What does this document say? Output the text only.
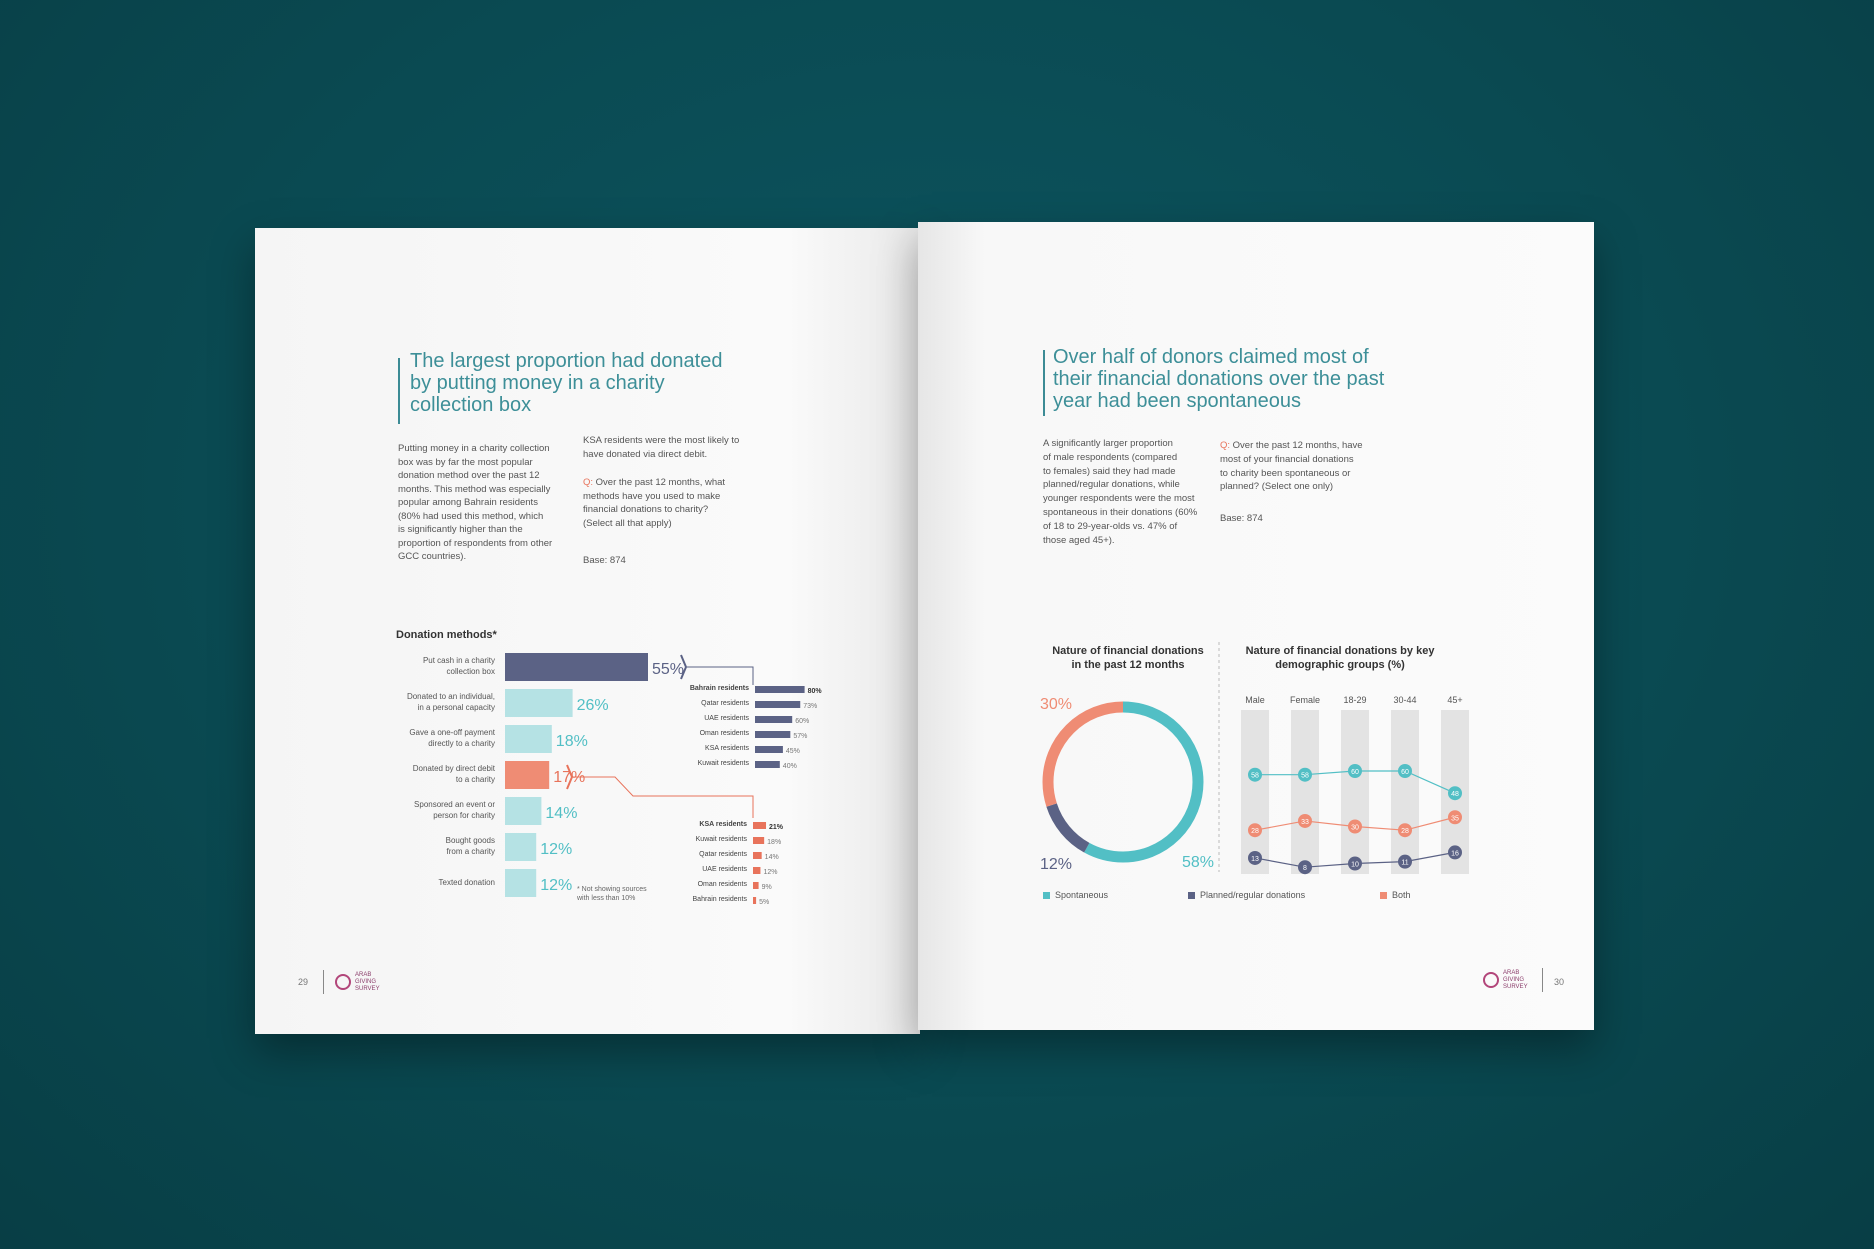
The largest proportion had donated
by putting money in a charity
collection box
Putting money in a charity collection
box was by far the most popular
donation method over the past 12
months. This method was especially
popular among Bahrain residents
(80% had used this method, which
is significantly higher than the
proportion of respondents from other
GCC countries).
KSA residents were the most likely to
have donated via direct debit.
Q: Over the past 12 months, what
methods have you used to make
financial donations to charity?
(Select all that apply)
Base: 874
Donation methods*
55%
26%
18%
17%
14%
12%
12%
80%
73%
60%
57%
45%
40%
21%
18%
14%
12%
9%
5%
Put cash in a charity
collection box
Donated to an individual,
in a personal capacity
Gave a one-off payment
directly to a charity
Donated by direct debit
to a charity
Sponsored an event or
person for charity
Bought goods
from a charity
Texted donation
Bahrain residents
Qatar residents
UAE residents
Oman residents
KSA residents
Kuwait residents
KSA residents
Kuwait residents
Qatar residents
UAE residents
Oman residents
Bahrain residents
* Not showing sources
with less than 10%
29
ARAB
GIVING
SURVEY
Over half of donors claimed most of
their financial donations over the past
year had been spontaneous
A significantly larger proportion
of male respondents (compared
to females) said they had made
planned/regular donations, while
younger respondents were the most
spontaneous in their donations (60%
of 18 to 29-year-olds vs. 47% of
those aged 45+).
Q: Over the past 12 months, have
most of your financial donations
to charity been spontaneous or
planned? (Select one only)
Base: 874
58%
12%
30%	Male	Female	18-29	30-44	45+
58	58
60	60
48
28
33
30
28
35
13
8
10	11
16
Nature of financial donations
in the past 12 months
Nature of financial donations by key
demographic groups (%)
Spontaneous	Planned/regular donations	Both
30
ARAB
GIVING
SURVEY
